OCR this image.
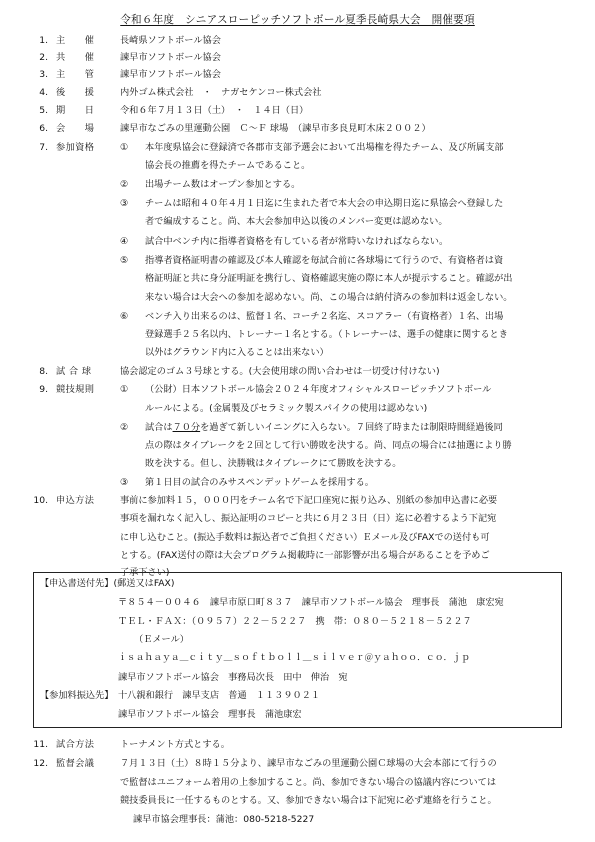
令和６年度　シニアスローピッチソフトボール夏季長崎県大会　開催要項
1. 主　　催	長崎県ソフトボール協会
2. 共　　催	諫早市ソフトボール協会
3. 主　　管	諫早市ソフトボール協会
4. 後　　援	内外ゴム株式会社　・　ナガセケンコー株式会社
5. 期　　日	令和６年７月１３日（土）　・　１４日（日）
6. 会　　場	諫早市なごみの里運動公園　Ｃ～Ｆ 球場　（諫早市多良見町木床２００２）
7. 参加資格	①	本年度県協会に登録済で各郡市支部予選会において出場権を得たチーム、及び所属支部
協会長の推薦を得たチームであること。
②	出場チーム数はオープン参加とする。
③	チームは昭和４０年４月１日迄に生まれた者で本大会の申込期日迄に県協会へ登録した
者で編成すること。尚、本大会参加申込以後のメンバー変更は認めない。
④	試合中ベンチ内に指導者資格を有している者が常時いなければならない。
⑤	指導者資格証明書の確認及び本人確認を毎試合前に各球場にて行うので、有資格者は資
格証明証と共に身分証明証を携行し、資格確認実施の際に本人が提示すること。確認が出
来ない場合は大会への参加を認めない。尚、この場合は納付済みの参加料は返金しない。
⑥	ベンチ入り出来るのは、監督１名、コーチ２名迄、スコアラー（有資格者）１名、出場
登録選手２５名以内、トレーナー１名とする。（トレーナーは、選手の健康に関するとき
以外はグラウンド内に入ることは出来ない）
8. 試 合 球	協会認定のゴム３号球とする。(大会使用球の問い合わせは一切受け付けない)
9. 競技規則	①	（公財）日本ソフトボール協会２０２４年度オフィシャルスローピッチソフトボール
ルールによる。(金属製及びセラミック製スパイクの使用は認めない)
②	試合は７０分を過ぎて新しいイニングに入らない。７回終了時または制限時間経過後同
点の際はタイブレークを２回として行い勝敗を決する。尚、同点の場合には抽選により勝
敗を決する。但し、決勝戦はタイブレークにて勝敗を決する。
③	第１日目の試合のみサスペンデットゲームを採用する。
10. 申込方法	事前に参加料１５，０００円をチーム名で下記口座宛に振り込み、別紙の参加申込書に必要
事項を漏れなく記入し、振込証明のコピーと共に６月２３日（日）迄に必着するよう下記宛
に申し込むこと。(振込手数料は振込者でご負担ください）Ｅメール及びFAXでの送付も可
とする。(FAX送付の際は大会プログラム掲載時に一部影響が出る場合があることを予めご
了承下さい)
【申込書送付先】(郵送又はFAX)
〒８５４－００４６　諫早市原口町８３７　諫早市ソフトボール協会　理事長　蒲池　康宏宛
ＴＥＬ・ＦＡＸ：（０９５７）２２－５２２７　携　帯：０８０－５２１８－５２２７
（Ｅメール）
ｉｓａｈａｙａ＿ｃｉｔｙ＿ｓｏｆｔｂｏｌｌ＿ｓｉｌｖｅｒ＠ｙａｈｏｏ．ｃｏ．ｊｐ
諫早市ソフトボール協会　事務局次長　田中　伸治　宛
【参加料振込先】 十八親和銀行　諫早支店　普通　１１３９０２１
諫早市ソフトボール協会　理事長　蒲池康宏
11. 試合方法	トーナメント方式とする。
12. 監督会議	７月１３日（土）８時１５分より、諫早市なごみの里運動公園Ｃ球場の大会本部にて行うの
で監督はユニフォーム着用の上参加すること。尚、参加できない場合の協議内容については
競技委員長に一任するものとする。又、参加できない場合は下記宛に必ず連絡を行うこと。
諫早市協会理事長：蒲池：080-5218-5227
